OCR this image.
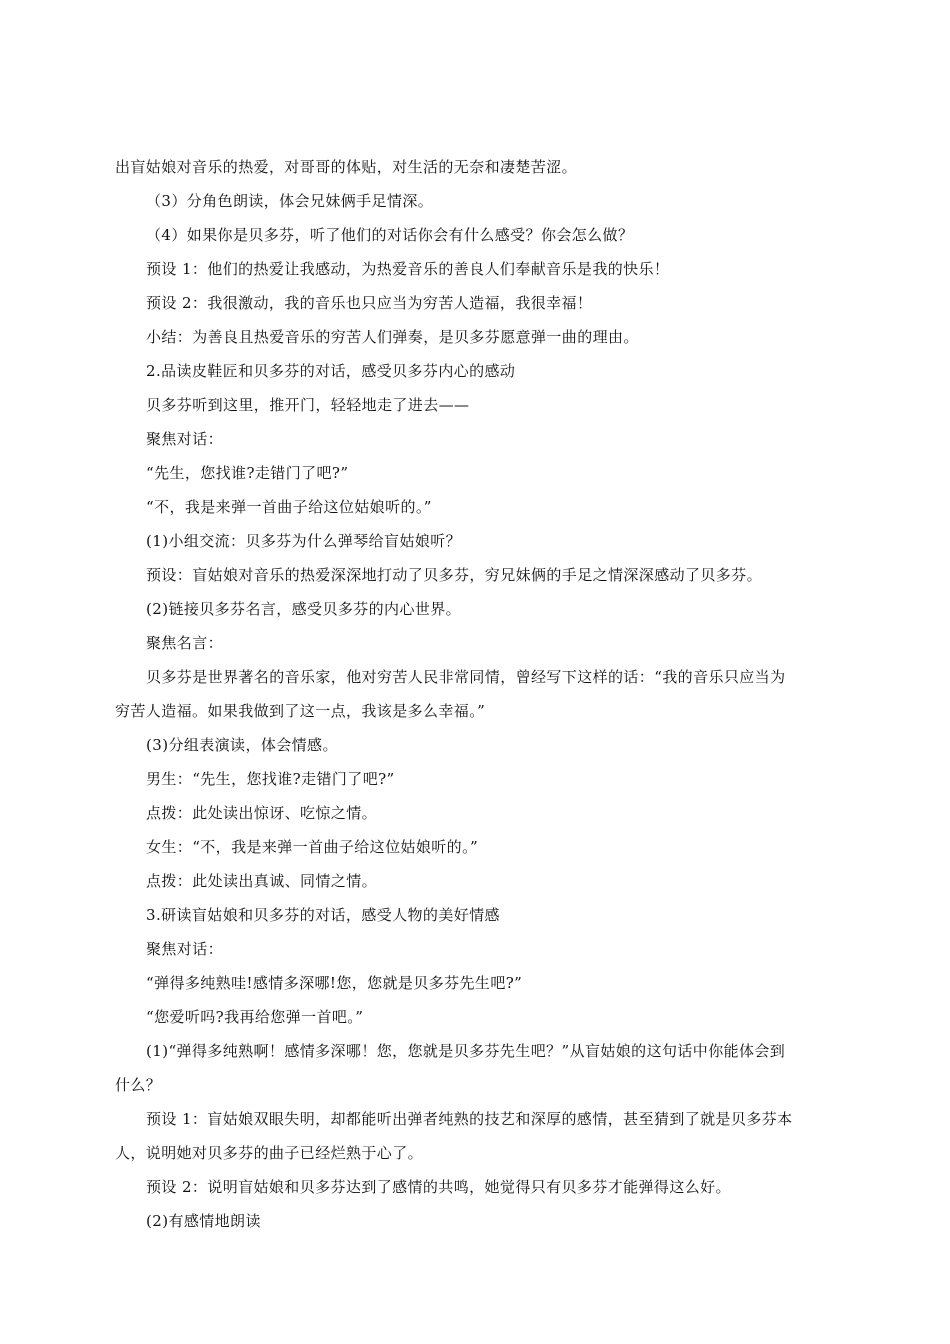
出盲姑娘对音乐的热爱，对哥哥的体贴，对生活的无奈和凄楚苦涩。
（3）分角色朗读，体会兄妹俩手足情深。
（4）如果你是贝多芬，听了他们的对话你会有什么感受？你会怎么做？
预设 1：他们的热爱让我感动，为热爱音乐的善良人们奉献音乐是我的快乐！
预设 2：我很激动，我的音乐也只应当为穷苦人造福，我很幸福！
小结：为善良且热爱音乐的穷苦人们弹奏，是贝多芬愿意弹一曲的理由。
2.品读皮鞋匠和贝多芬的对话，感受贝多芬内心的感动
贝多芬听到这里，推开门，轻轻地走了进去——
聚焦对话：
“先生，您找谁?走错门了吧?”
“不，我是来弹一首曲子给这位姑娘听的。”
(1)小组交流：贝多芬为什么弹琴给盲姑娘听？
预设：盲姑娘对音乐的热爱深深地打动了贝多芬，穷兄妹俩的手足之情深深感动了贝多芬。
(2)链接贝多芬名言，感受贝多芬的内心世界。
聚焦名言：
贝多芬是世界著名的音乐家，他对穷苦人民非常同情，曾经写下这样的话：“我的音乐只应当为
穷苦人造福。如果我做到了这一点，我该是多么幸福。”
(3)分组表演读，体会情感。
男生：“先生，您找谁?走错门了吧?”
点拨：此处读出惊讶、吃惊之情。
女生：“不，我是来弹一首曲子给这位姑娘听的。”
点拨：此处读出真诚、同情之情。
3.研读盲姑娘和贝多芬的对话，感受人物的美好情感
聚焦对话：
“弹得多纯熟哇!感情多深哪!您，您就是贝多芬先生吧?”
“您爱听吗?我再给您弹一首吧。”
(1)“弹得多纯熟啊！感情多深哪！您，您就是贝多芬先生吧？”从盲姑娘的这句话中你能体会到
什么？
预设 1：盲姑娘双眼失明，却都能听出弹者纯熟的技艺和深厚的感情，甚至猜到了就是贝多芬本
人，说明她对贝多芬的曲子已经烂熟于心了。
预设 2：说明盲姑娘和贝多芬达到了感情的共鸣，她觉得只有贝多芬才能弹得这么好。
(2)有感情地朗读
